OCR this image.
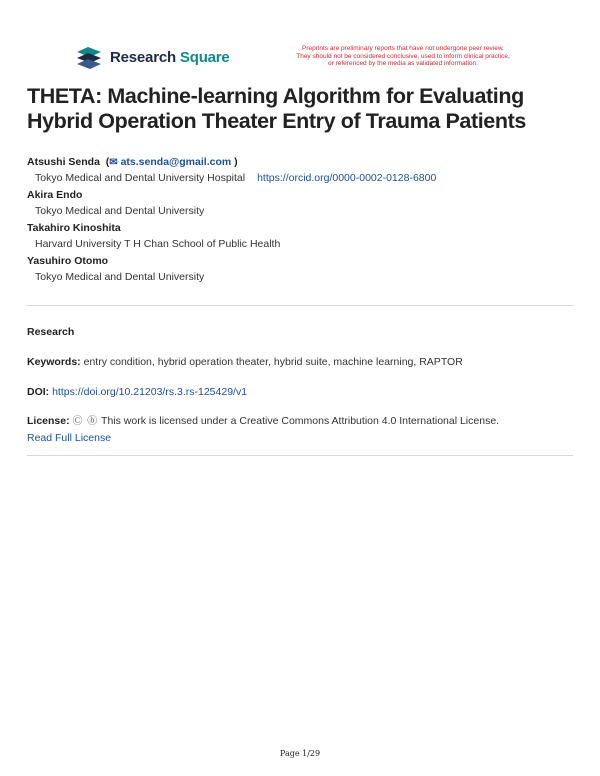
Research Square	Preprints are preliminary reports that have not undergone peer review.
They should not be considered conclusive, used to inform clinical practice,
or referenced by the media as validated information.
THETA: Machine-learning Algorithm for Evaluating Hybrid Operation Theater Entry of Trauma Patients
Atsushi Senda  (✉ ats.senda@gmail.com )
Tokyo Medical and Dental University Hospital https://orcid.org/0000-0002-0128-6800
Akira Endo
Tokyo Medical and Dental University
Takahiro Kinoshita
Harvard University T H Chan School of Public Health
Yasuhiro Otomo
Tokyo Medical and Dental University
Research
Keywords: entry condition, hybrid operation theater, hybrid suite, machine learning, RAPTOR
DOI: https://doi.org/10.21203/rs.3.rs-125429/v1
License: Ⓒ ⓑ This work is licensed under a Creative Commons Attribution 4.0 International License.
Read Full License
Page 1/29
